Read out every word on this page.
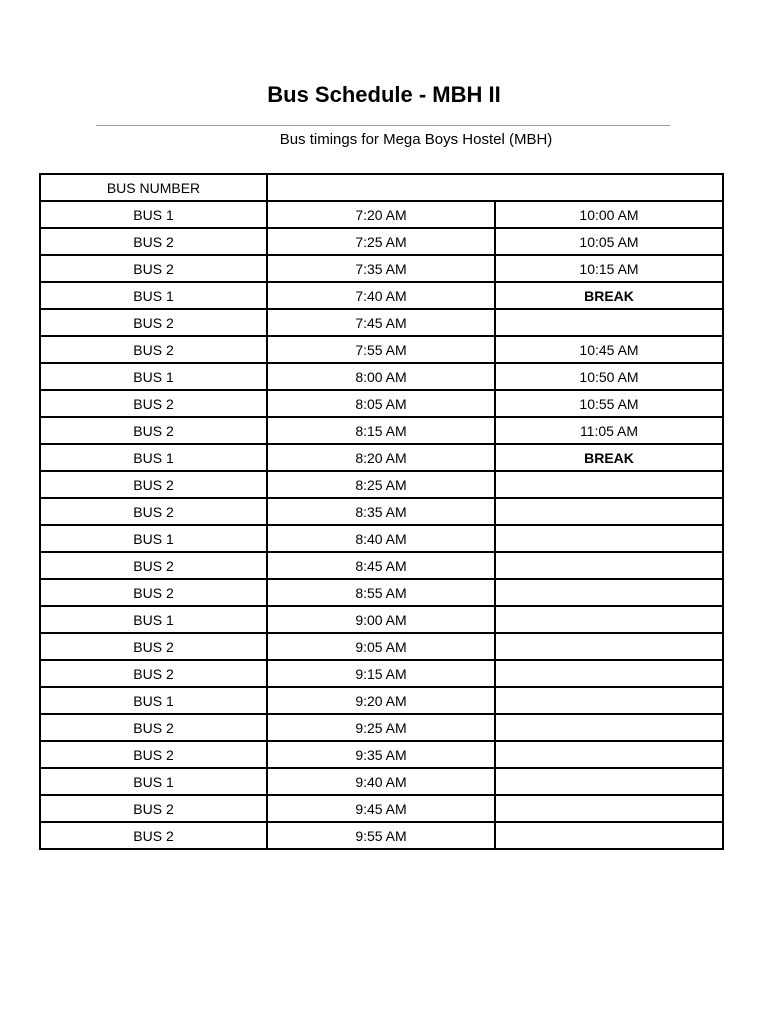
Bus Schedule - MBH II
Bus timings for Mega Boys Hostel (MBH)
BUS NUMBER		
BUS 1	7:20 AM	10:00 AM
BUS 2	7:25 AM	10:05 AM
BUS 2	7:35 AM	10:15 AM
BUS 1	7:40 AM	BREAK
BUS 2	7:45 AM	
BUS 2	7:55 AM	10:45 AM
BUS 1	8:00 AM	10:50 AM
BUS 2	8:05 AM	10:55 AM
BUS 2	8:15 AM	11:05 AM
BUS 1	8:20 AM	BREAK
BUS 2	8:25 AM	
BUS 2	8:35 AM	
BUS 1	8:40 AM	
BUS 2	8:45 AM	
BUS 2	8:55 AM	
BUS 1	9:00 AM	
BUS 2	9:05 AM	
BUS 2	9:15 AM	
BUS 1	9:20 AM	
BUS 2	9:25 AM	
BUS 2	9:35 AM	
BUS 1	9:40 AM	
BUS 2	9:45 AM	
BUS 2	9:55 AM	
